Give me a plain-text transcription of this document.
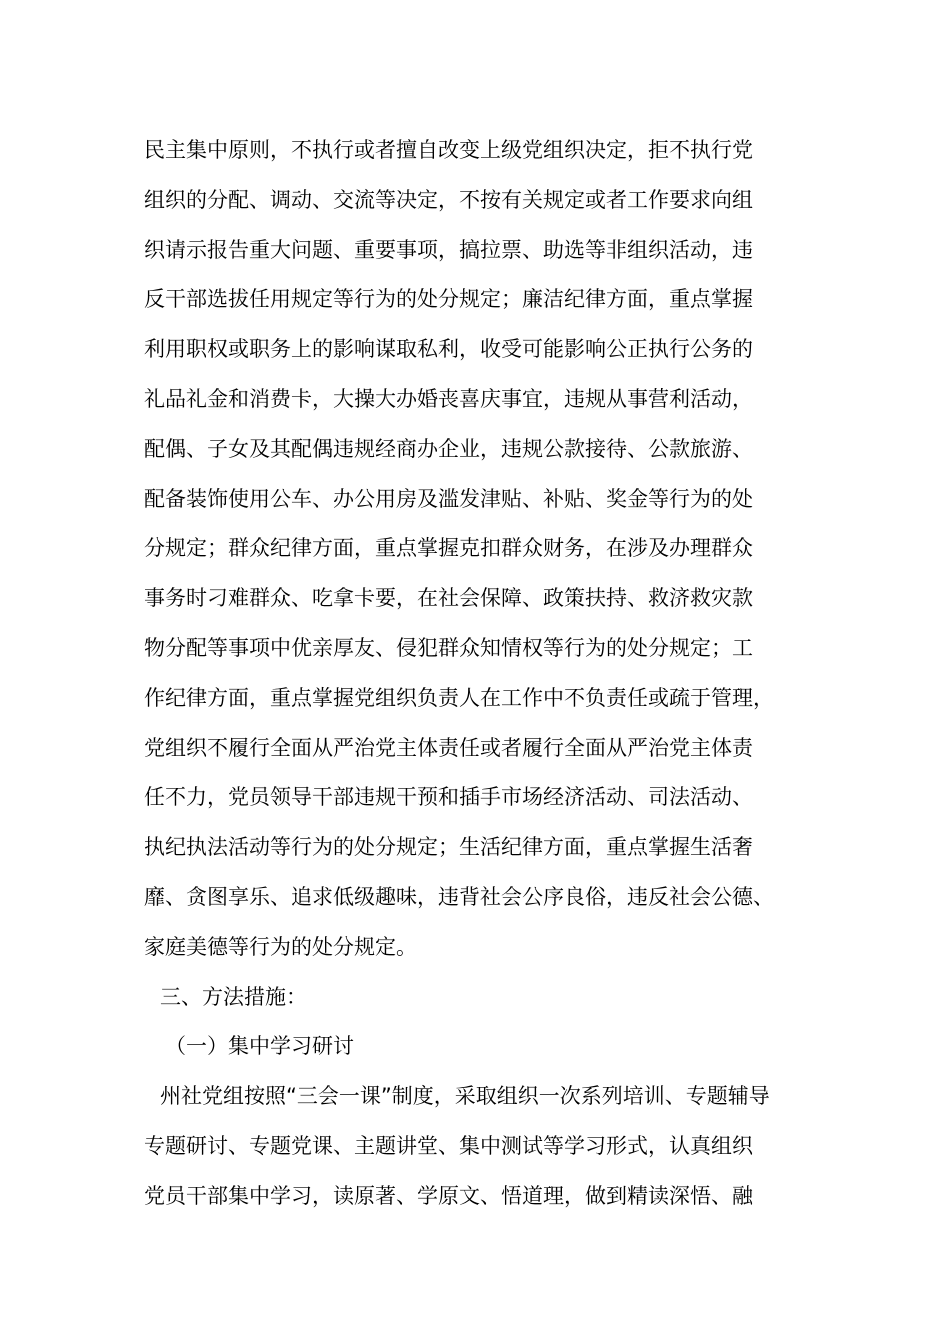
民主集中原则，不执行或者擅自改变上级党组织决定，拒不执行党
组织的分配、调动、交流等决定，不按有关规定或者工作要求向组
织请示报告重大问题、重要事项，搞拉票、助选等非组织活动，违
反干部选拔任用规定等行为的处分规定；廉洁纪律方面，重点掌握
利用职权或职务上的影响谋取私利，收受可能影响公正执行公务的
礼品礼金和消费卡，大操大办婚丧喜庆事宜，违规从事营利活动，
配偶、子女及其配偶违规经商办企业，违规公款接待、公款旅游、
配备装饰使用公车、办公用房及滥发津贴、补贴、奖金等行为的处
分规定；群众纪律方面，重点掌握克扣群众财务，在涉及办理群众
事务时刁难群众、吃拿卡要，在社会保障、政策扶持、救济救灾款
物分配等事项中优亲厚友、侵犯群众知情权等行为的处分规定；工
作纪律方面，重点掌握党组织负责人在工作中不负责任或疏于管理，
党组织不履行全面从严治党主体责任或者履行全面从严治党主体责
任不力，党员领导干部违规干预和插手市场经济活动、司法活动、
执纪执法活动等行为的处分规定；生活纪律方面，重点掌握生活奢
靡、贪图享乐、追求低级趣味，违背社会公序良俗，违反社会公德、
家庭美德等行为的处分规定。
三、方法措施：
（一）集中学习研讨
州社党组按照“三会一课”制度，采取组织一次系列培训、专题辅导
专题研讨、专题党课、主题讲堂、集中测试等学习形式，认真组织
党员干部集中学习，读原著、学原文、悟道理，做到精读深悟、融
